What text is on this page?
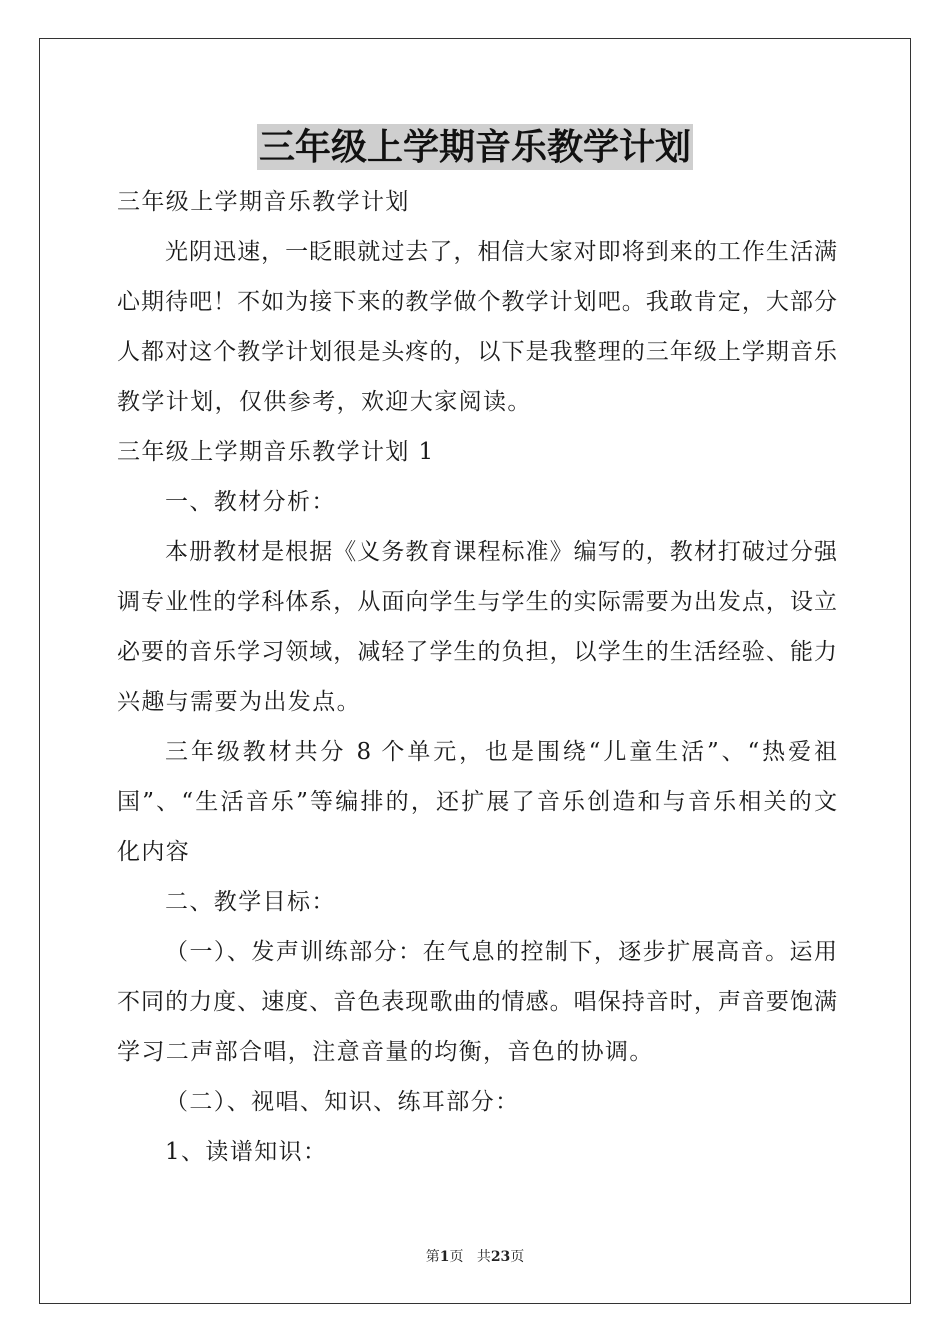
三年级上学期音乐教学计划
三年级上学期音乐教学计划
光阴迅速，一眨眼就过去了，相信大家对即将到来的工作生活满
心期待吧！不如为接下来的教学做个教学计划吧。我敢肯定，大部分
人都对这个教学计划很是头疼的，以下是我整理的三年级上学期音乐
教学计划，仅供参考，欢迎大家阅读。
三年级上学期音乐教学计划 1
一、教材分析：
本册教材是根据《义务教育课程标准》编写的，教材打破过分强
调专业性的学科体系，从面向学生与学生的实际需要为出发点，设立
必要的音乐学习领域，减轻了学生的负担，以学生的生活经验、能力
兴趣与需要为出发点。
三年级教材共分 8 个单元，也是围绕“儿童生活”、“热爱祖
国”、“生活音乐”等编排的，还扩展了音乐创造和与音乐相关的文
化内容
二、教学目标：
（一）、发声训练部分：在气息的控制下，逐步扩展高音。运用
不同的力度、速度、音色表现歌曲的情感。唱保持音时，声音要饱满
学习二声部合唱，注意音量的均衡，音色的协调。
（二）、视唱、知识、练耳部分：
1、读谱知识：
第1页 共23页
